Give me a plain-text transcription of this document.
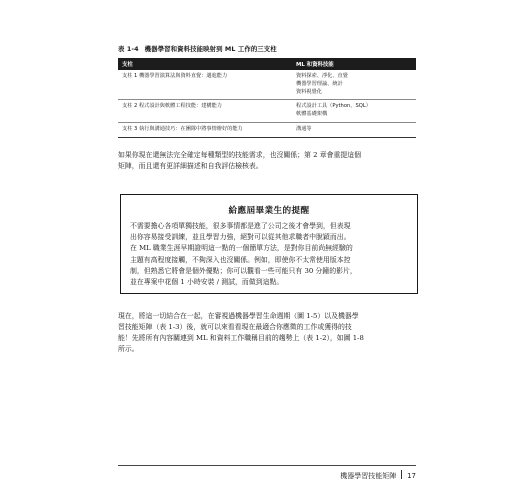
表 1-4 機器學習和資料技能映射到 ML 工作的三支柱
支柱	ML 和資料技能
支柱 1 機器學習演算法與資料直覺：邁進能力	資料探索、淨化、直覺
機器學習理論、統計
資料視覺化

支柱 2 程式設計與軟體工程技能：建構能力	程式設計工具（Python、SQL）
軟體基礎架構

支柱 3 執行與溝通技巧：在團隊中將事情辦好的能力	溝通等
如果你現在還無法完全確定每種類型的技能需求，也沒關係；第 2 章會重提這個
矩陣，而且還有更詳細描述和自我評估檢核表。
給應屆畢業生的提醒
不需要擔心各項單獨技能，很多事情都是進了公司之後才會學到，但表現
出你容易接受訓練，並且學習力強，絕對可以從其他求職者中脫穎而出。
在 ML 職業生涯早期證明這一點的一個簡單方法，是對你目前尚無經驗的
主題有高程度接觸，不夠深入也沒關係。例如，即使你不太常使用版本控
制，但熟悉它將會是個外優點；你可以觀看一些可能只有 30 分鐘的影片，
並在專案中花個 1 小時安裝 / 測試，而做到這點。
現在，將這一切結合在一起，在審視過機器學習生命週期（圖 1-5）以及機器學
習技能矩陣（表 1-3）後，就可以來看看現在最適合你應徵的工作或獲得的技
能！先將所有內容關連到 ML 和資料工作職稱目前的趨勢上（表 1-2），如圖 1-8
所示。
機器學習技能矩陣 17
